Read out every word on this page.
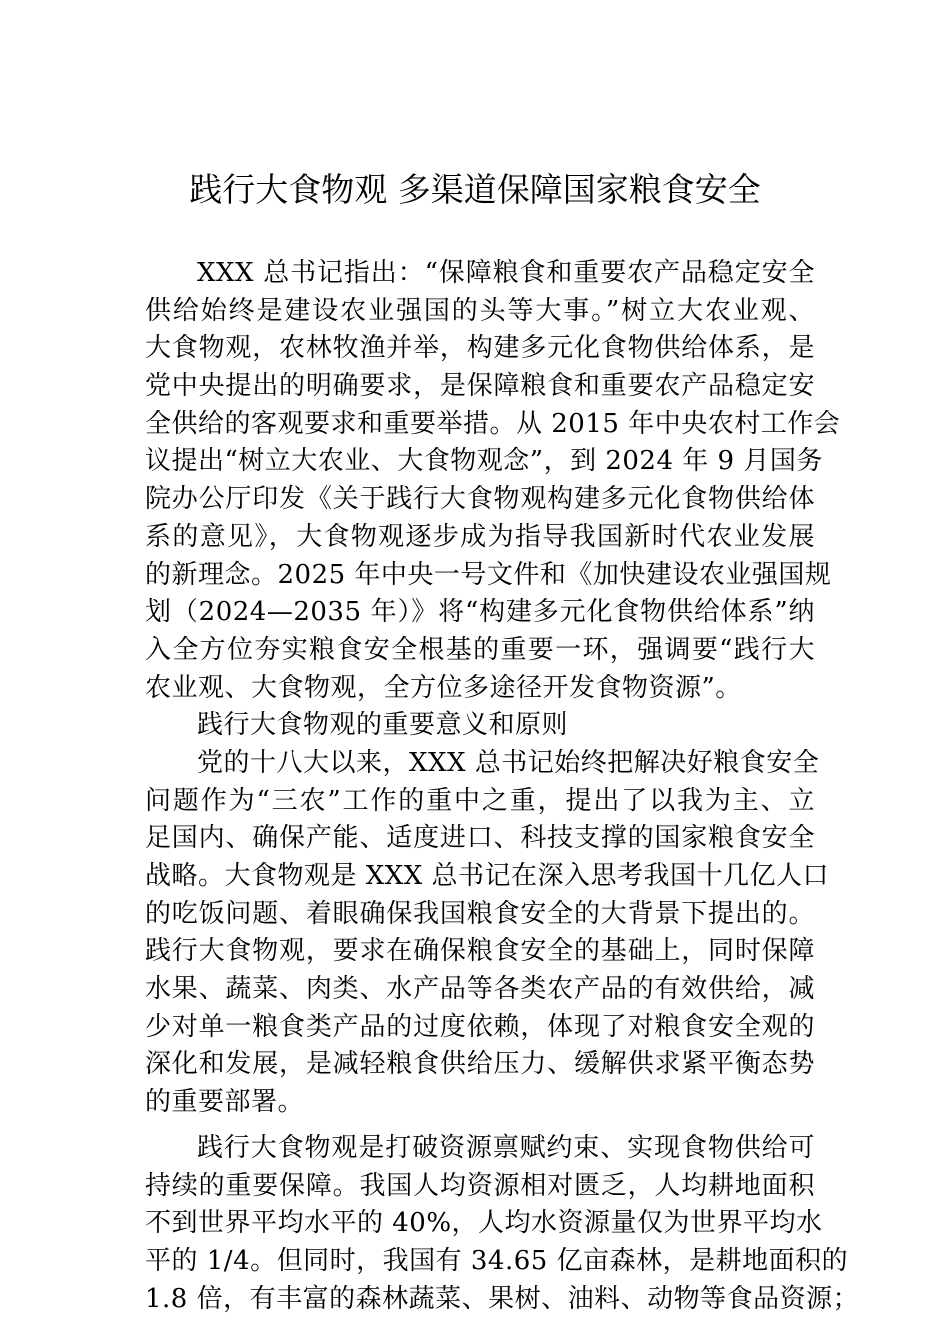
践行大食物观 多渠道保障国家粮食安全
XXX 总书记指出：“保障粮食和重要农产品稳定安全
供给始终是建设农业强国的头等大事。”树立大农业观、
大食物观，农林牧渔并举，构建多元化食物供给体系，是
党中央提出的明确要求，是保障粮食和重要农产品稳定安
全供给的客观要求和重要举措。从 2015 年中央农村工作会
议提出“树立大农业、大食物观念”，到 2024 年 9 月国务
院办公厅印发《关于践行大食物观构建多元化食物供给体
系的意见》，大食物观逐步成为指导我国新时代农业发展
的新理念。2025 年中央一号文件和《加快建设农业强国规
划（2024—2035 年）》将“构建多元化食物供给体系”纳
入全方位夯实粮食安全根基的重要一环，强调要“践行大
农业观、大食物观，全方位多途径开发食物资源”。
践行大食物观的重要意义和原则
党的十八大以来，XXX 总书记始终把解决好粮食安全
问题作为“三农”工作的重中之重，提出了以我为主、立
足国内、确保产能、适度进口、科技支撑的国家粮食安全
战略。大食物观是 XXX 总书记在深入思考我国十几亿人口
的吃饭问题、着眼确保我国粮食安全的大背景下提出的。
践行大食物观，要求在确保粮食安全的基础上，同时保障
水果、蔬菜、肉类、水产品等各类农产品的有效供给，减
少对单一粮食类产品的过度依赖，体现了对粮食安全观的
深化和发展，是减轻粮食供给压力、缓解供求紧平衡态势
的重要部署。
践行大食物观是打破资源禀赋约束、实现食物供给可
持续的重要保障。我国人均资源相对匮乏，人均耕地面积
不到世界平均水平的 40%，人均水资源量仅为世界平均水
平的 1/4。但同时，我国有 34.65 亿亩森林，是耕地面积的
1.8 倍，有丰富的森林蔬菜、果树、油料、动物等食品资源；
